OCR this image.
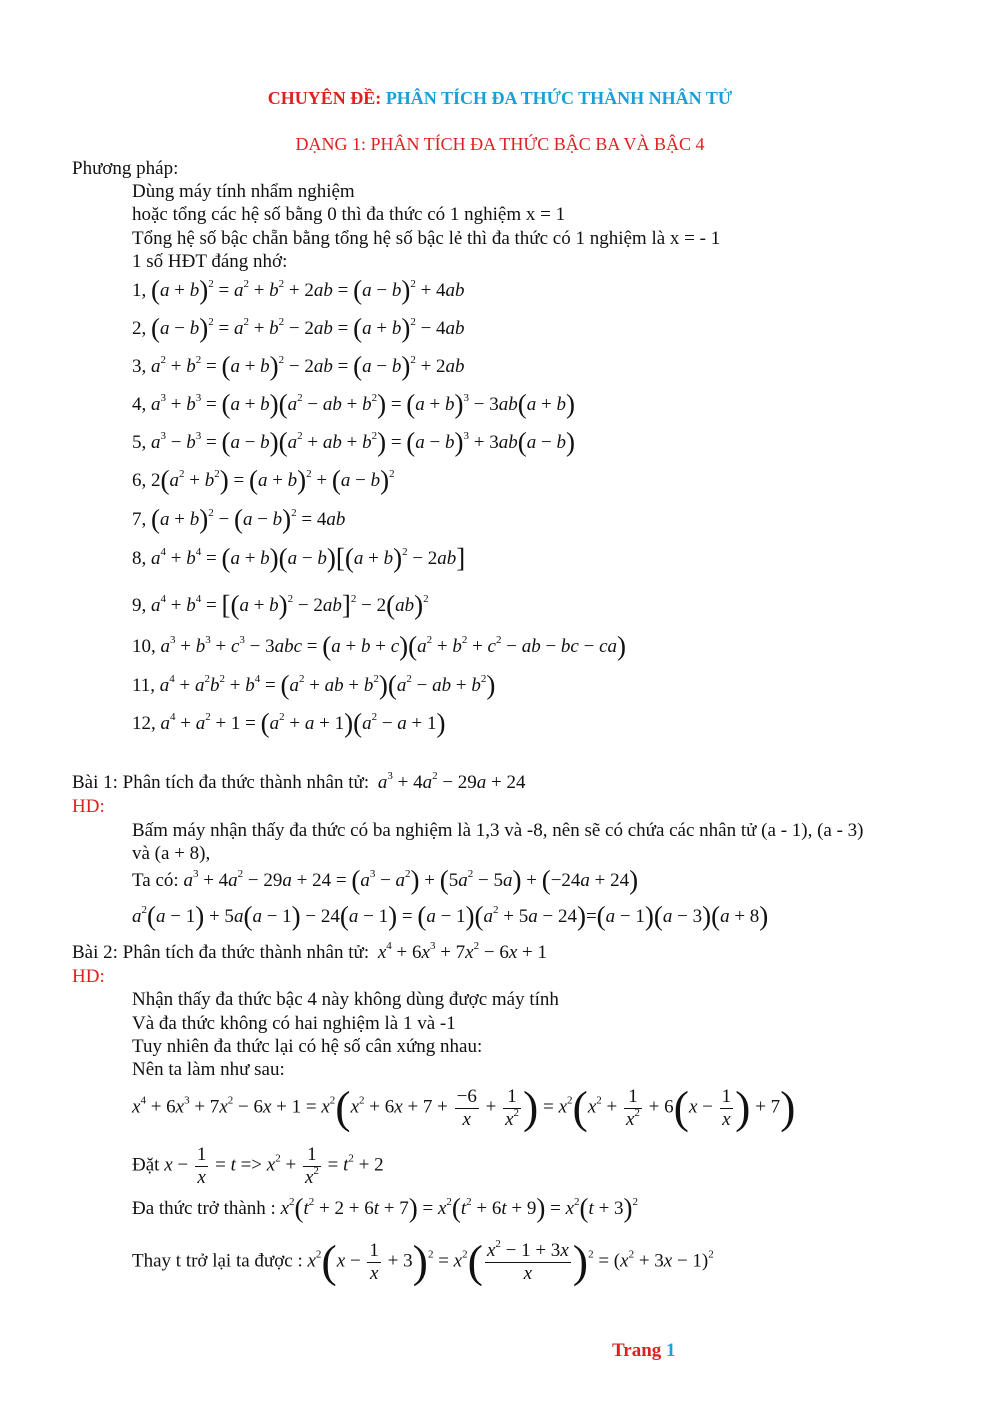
CHUYÊN ĐỀ: PHÂN TÍCH ĐA THỨC THÀNH NHÂN TỬ
DẠNG 1: PHÂN TÍCH ĐA THỨC BẬC BA VÀ BẬC 4
Phương pháp:
Dùng máy tính nhẩm nghiệm
hoặc tổng các hệ số bằng 0 thì đa thức có 1 nghiệm x = 1
Tổng hệ số bậc chẵn bằng tổng hệ số bậc lẻ thì đa thức có 1 nghiệm là x = - 1
1 số HĐT đáng nhớ:
1, $(a + b)^2 = a^2 + b^2 + 2ab = (a - b)^2 + 4ab$
2, $(a - b)^2 = a^2 + b^2 - 2ab = (a + b)^2 - 4ab$
3, $a^2 + b^2 = (a + b)^2 - 2ab = (a - b)^2 + 2ab$
4, $a^3 + b^3 = (a + b)(a^2$ − ab + $b^2) = (a + b)^3 - 3ab(a + b)$
5, $a^3 - b^3 = (a - b)(a^2$ + ab + $b^2) = (a - b)^3 + 3ab(a - b)$
6, $2(a^2 + b^2) = (a + b)^2 + (a - b)^2$
7, $(a + b)^2 - (a - b)^2 = 4ab$
8, $a^4 + b^4 = (a + b)(a - b)[(a + b)^2 - 2ab]$
9, $a^4 + b^4 = [(a + b)^2 - 2ab]^2 - 2(ab)^2$
10, $a^3 + b^3 + c^3 - 3abc = (a + b + c)(a^2 + b^2 + c^2$ − ab − bc − ca)
11, $a^4 + a^2b^2 + b^4 = (a^2$ + ab + $b^2)(a^2$ − ab + $b^2$)
12, $a^4 + a^2 + 1 = (a^2 + a + 1)(a^2 - a + 1)$
Bài 1: Phân tích đa thức thành nhân tử: $a^3 + 4a^2 - 29a + 24$
HD:
Bấm máy nhận thấy đa thức có ba nghiệm là 1,3 và -8, nên sẽ có chứa các nhân tử (a - 1), (a - 3)
và (a + 8),
Ta có: $a^3 + 4a^2 - 29a + 24 = (a^3 - a^2) + (5a^2 - 5a) + (-24a + 24)$
$a^2(a - 1) + 5a(a - 1) - 24(a - 1) = (a - 1)(a^2 + 5a - 24)=(a - 1)(a - 3)(a + 8)$
Bài 2: Phân tích đa thức thành nhân tử: $x^4 + 6x^3 + 7x^2 - 6x + 1$
HD:
Nhận thấy đa thức bậc 4 này không dùng được máy tính
Và đa thức không có hai nghiệm là 1 và -1
Tuy nhiên đa thức lại có hệ số cân xứng nhau:
Nên ta làm như sau:
$x^4 + 6x^3 + 7x^2 - 6x + 1 = x^2(x^2 + 6x + 7 + \frac{-6}{x} + \frac{1}{x^2}$ ) = $x^2(x^2 + \frac{1}{x^2} + 6(x - \frac{1}{x}$ ) + 7)
Đặt $x - \frac{1}{x} = t => x^2 + \frac{1}{x^2} = t^2 + 2$
Đa thức trở thành : $x^2(t^2 + 2 + 6t + 7) = x^2(t^2 + 6t + 9) = x^2(t + 3)^2$
Thay t trở lại ta được : $x^2(x - \frac{1}{x} + 3)^2 = x^2( \frac{x^2 - 1 + 3x}{x} )^2 = (x^2 + 3x - 1)^2$
Trang 1
